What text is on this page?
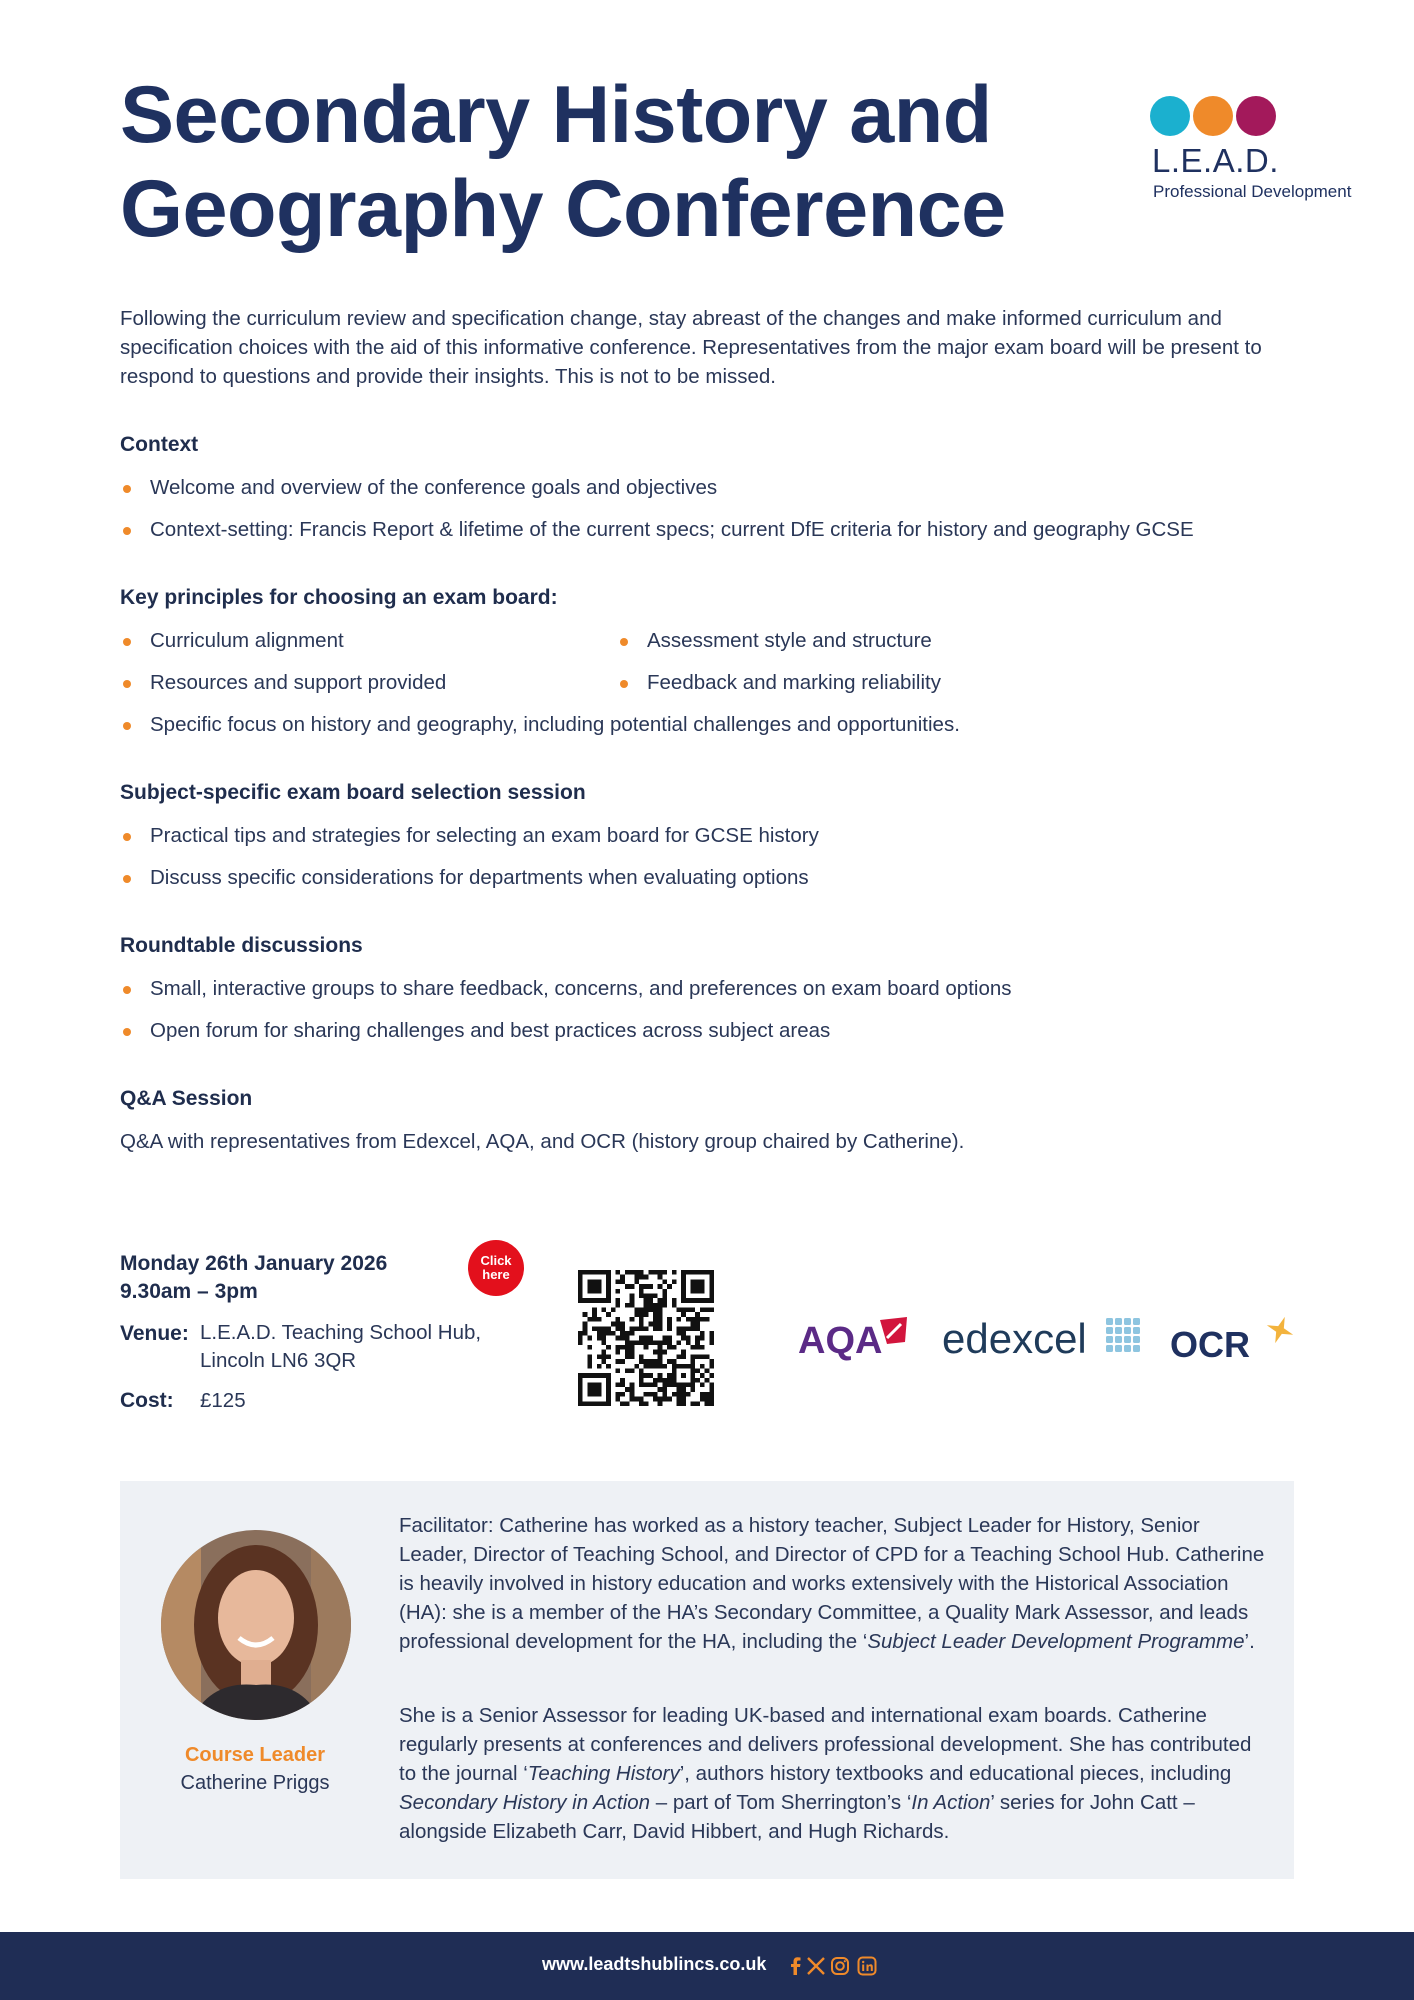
Secondary History and
Geography Conference
L.E.A.D.
Professional Development
Following the curriculum review and specification change, stay abreast of the changes and make informed curriculum and specification choices with the aid of this informative conference. Representatives from the major exam board will be present to respond to questions and provide their insights. This is not to be missed.
Context
Welcome and overview of the conference goals and objectives
Context-setting: Francis Report & lifetime of the current specs; current DfE criteria for history and geography GCSE
Key principles for choosing an exam board:
Curriculum alignment	Assessment style and structure
Resources and support provided	Feedback and marking reliability
Specific focus on history and geography, including potential challenges and opportunities.
Subject-specific exam board selection session
Practical tips and strategies for selecting an exam board for GCSE history
Discuss specific considerations for departments when evaluating options
Roundtable discussions
Small, interactive groups to share feedback, concerns, and preferences on exam board options
Open forum for sharing challenges and best practices across subject areas
Q&A Session
Q&A with representatives from Edexcel, AQA, and OCR (history group chaired by Catherine).
Monday 26th January 2026
9.30am – 3pm
Click
here
Venue: L.E.A.D. Teaching School Hub,
Lincoln LN6 3QR
Cost: £125
AQA edexcel OCR
Course Leader
Catherine Priggs
Facilitator: Catherine has worked as a history teacher, Subject Leader for History, Senior Leader, Director of Teaching School, and Director of CPD for a Teaching School Hub. Catherine is heavily involved in history education and works extensively with the Historical Association (HA): she is a member of the HA’s Secondary Committee, a Quality Mark Assessor, and leads professional development for the HA, including the ‘Subject Leader Development Programme’.
She is a Senior Assessor for leading UK-based and international exam boards. Catherine regularly presents at conferences and delivers professional development. She has contributed to the journal ‘Teaching History’, authors history textbooks and educational pieces, including Secondary History in Action – part of Tom Sherrington’s ‘In Action’ series for John Catt – alongside Elizabeth Carr, David Hibbert, and Hugh Richards.
www.leadtshublincs.co.uk
